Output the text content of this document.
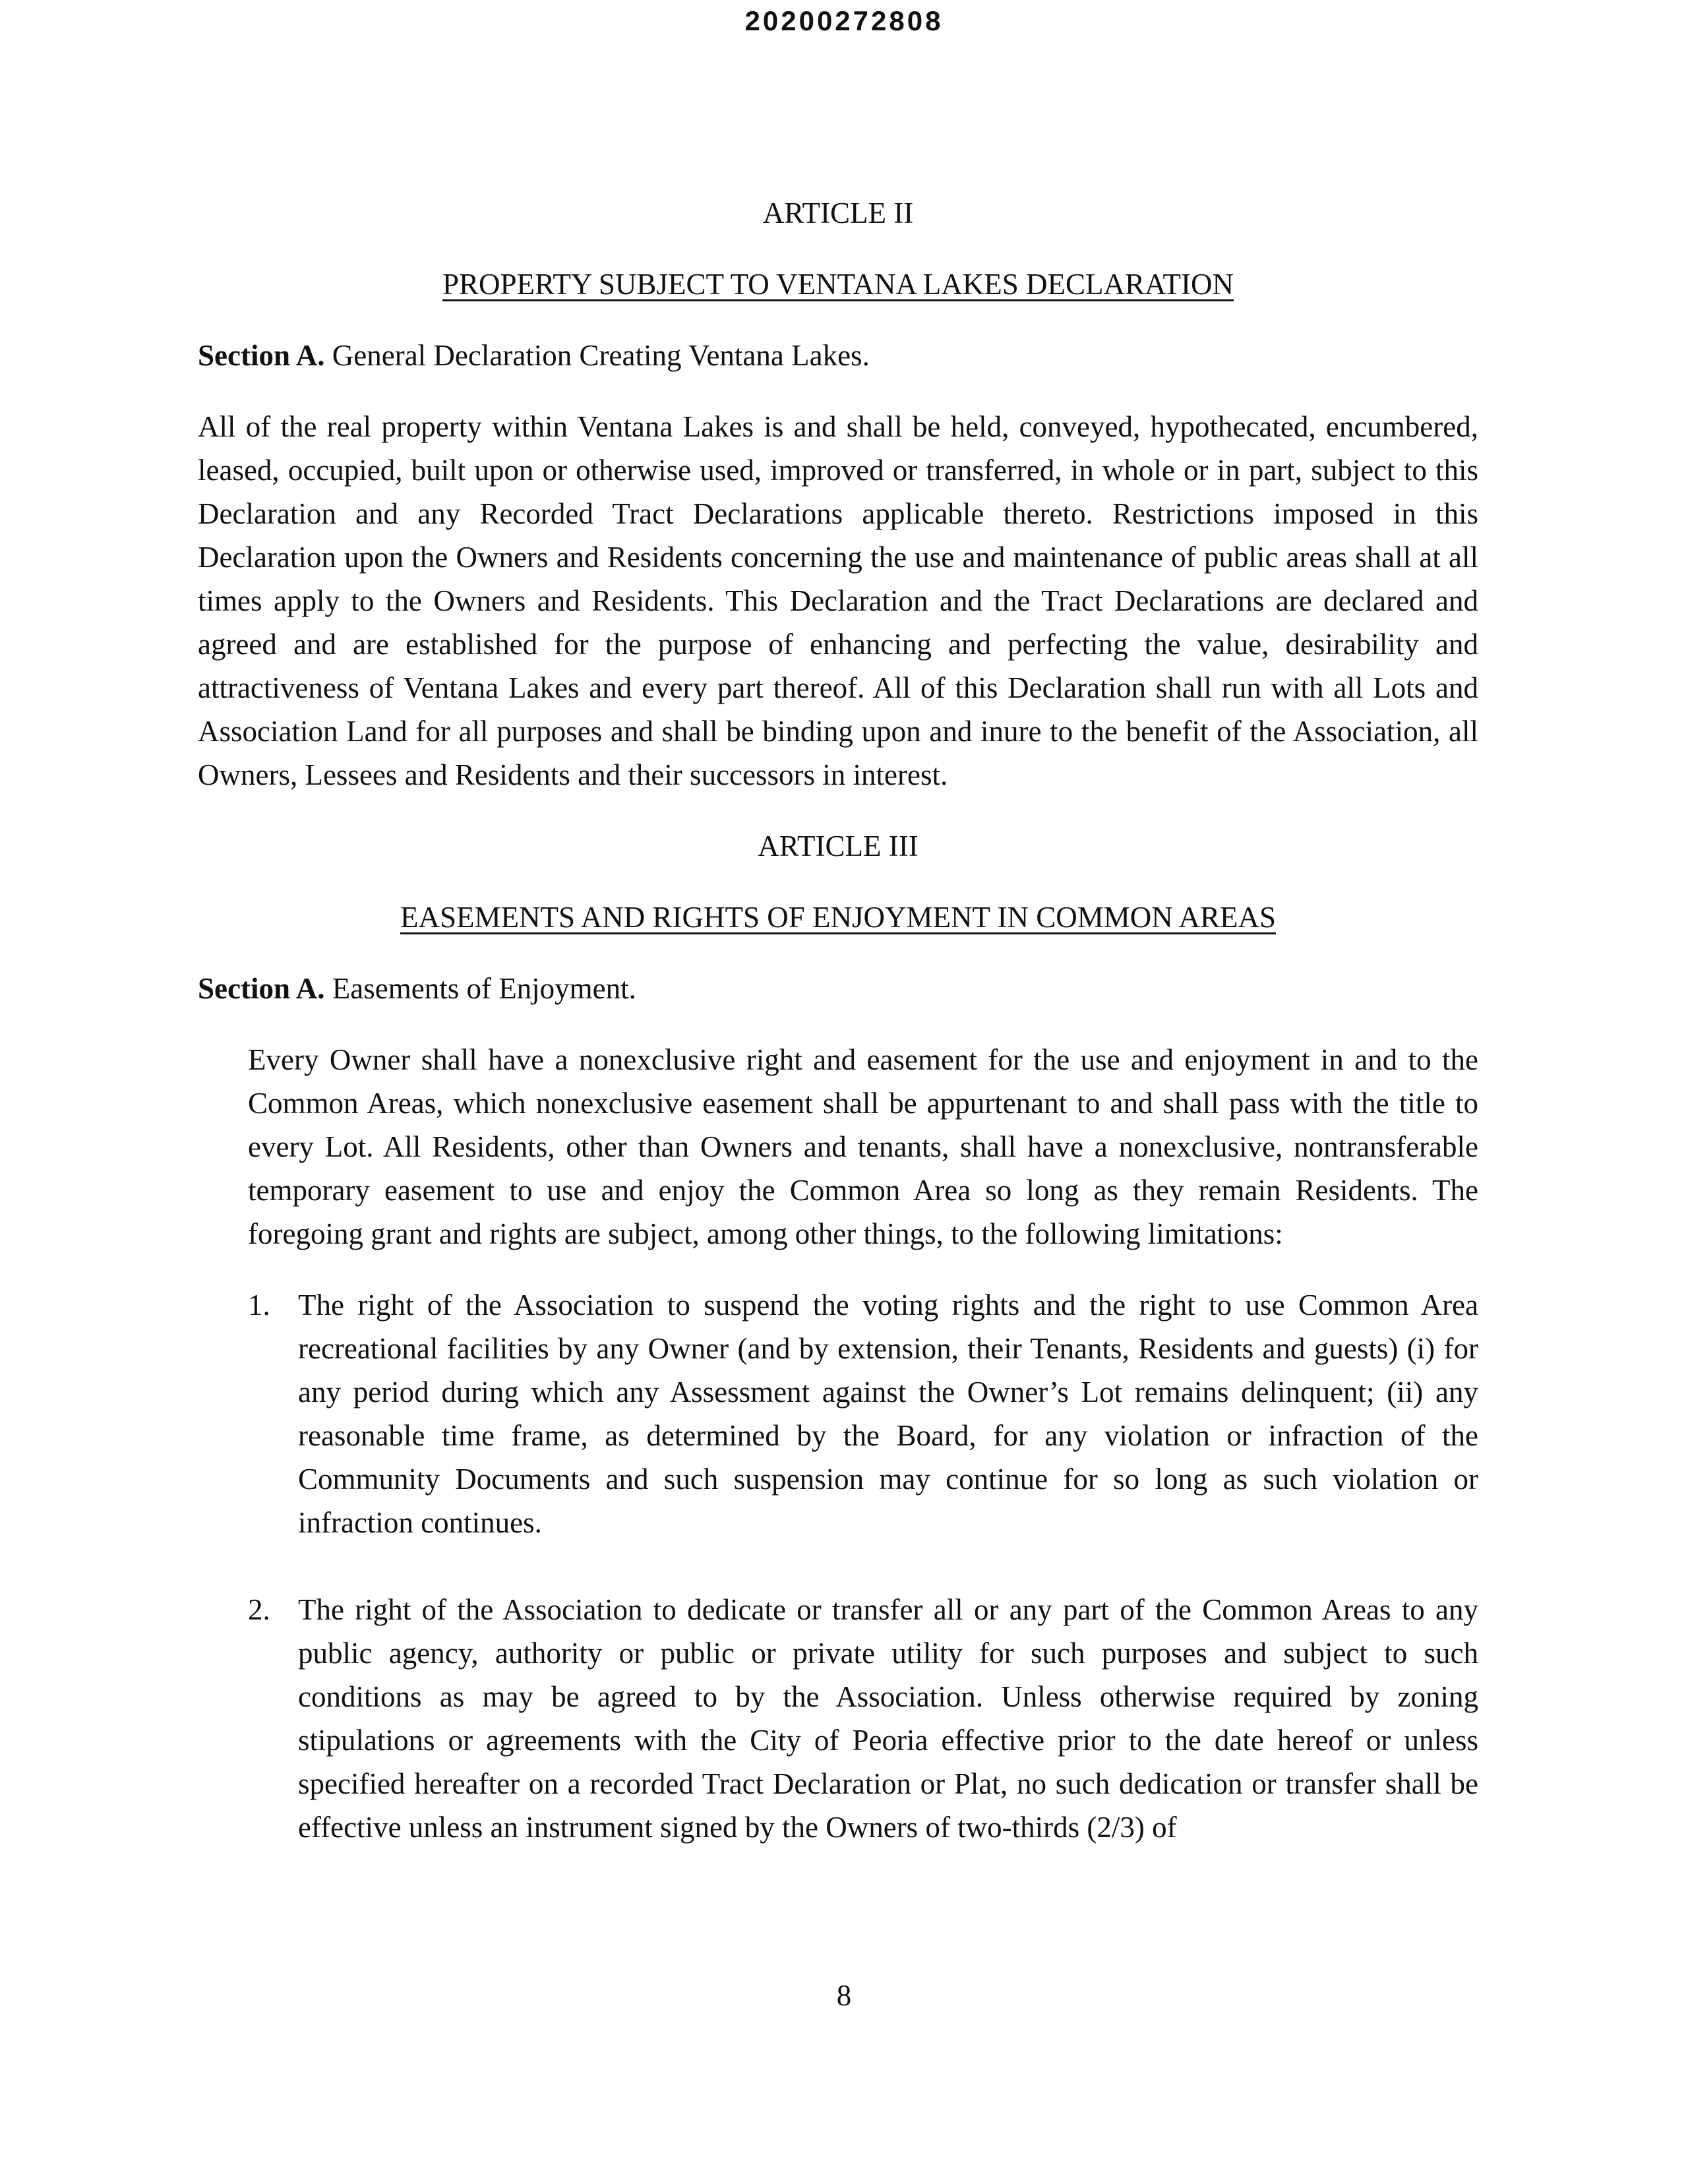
20200272808
ARTICLE II
PROPERTY SUBJECT TO VENTANA LAKES DECLARATION
Section A. General Declaration Creating Ventana Lakes.
All of the real property within Ventana Lakes is and shall be held, conveyed, hypothecated, encumbered, leased, occupied, built upon or otherwise used, improved or transferred, in whole or in part, subject to this Declaration and any Recorded Tract Declarations applicable thereto. Restrictions imposed in this Declaration upon the Owners and Residents concerning the use and maintenance of public areas shall at all times apply to the Owners and Residents. This Declaration and the Tract Declarations are declared and agreed and are established for the purpose of enhancing and perfecting the value, desirability and attractiveness of Ventana Lakes and every part thereof. All of this Declaration shall run with all Lots and Association Land for all purposes and shall be binding upon and inure to the benefit of the Association, all Owners, Lessees and Residents and their successors in interest.
ARTICLE III
EASEMENTS AND RIGHTS OF ENJOYMENT IN COMMON AREAS
Section A. Easements of Enjoyment.
Every Owner shall have a nonexclusive right and easement for the use and enjoyment in and to the Common Areas, which nonexclusive easement shall be appurtenant to and shall pass with the title to every Lot. All Residents, other than Owners and tenants, shall have a nonexclusive, nontransferable temporary easement to use and enjoy the Common Area so long as they remain Residents. The foregoing grant and rights are subject, among other things, to the following limitations:
1. The right of the Association to suspend the voting rights and the right to use Common Area recreational facilities by any Owner (and by extension, their Tenants, Residents and guests) (i) for any period during which any Assessment against the Owner’s Lot remains delinquent; (ii) any reasonable time frame, as determined by the Board, for any violation or infraction of the Community Documents and such suspension may continue for so long as such violation or infraction continues.
2. The right of the Association to dedicate or transfer all or any part of the Common Areas to any public agency, authority or public or private utility for such purposes and subject to such conditions as may be agreed to by the Association. Unless otherwise required by zoning stipulations or agreements with the City of Peoria effective prior to the date hereof or unless specified hereafter on a recorded Tract Declaration or Plat, no such dedication or transfer shall be effective unless an instrument signed by the Owners of two-thirds (2/3) of
8
